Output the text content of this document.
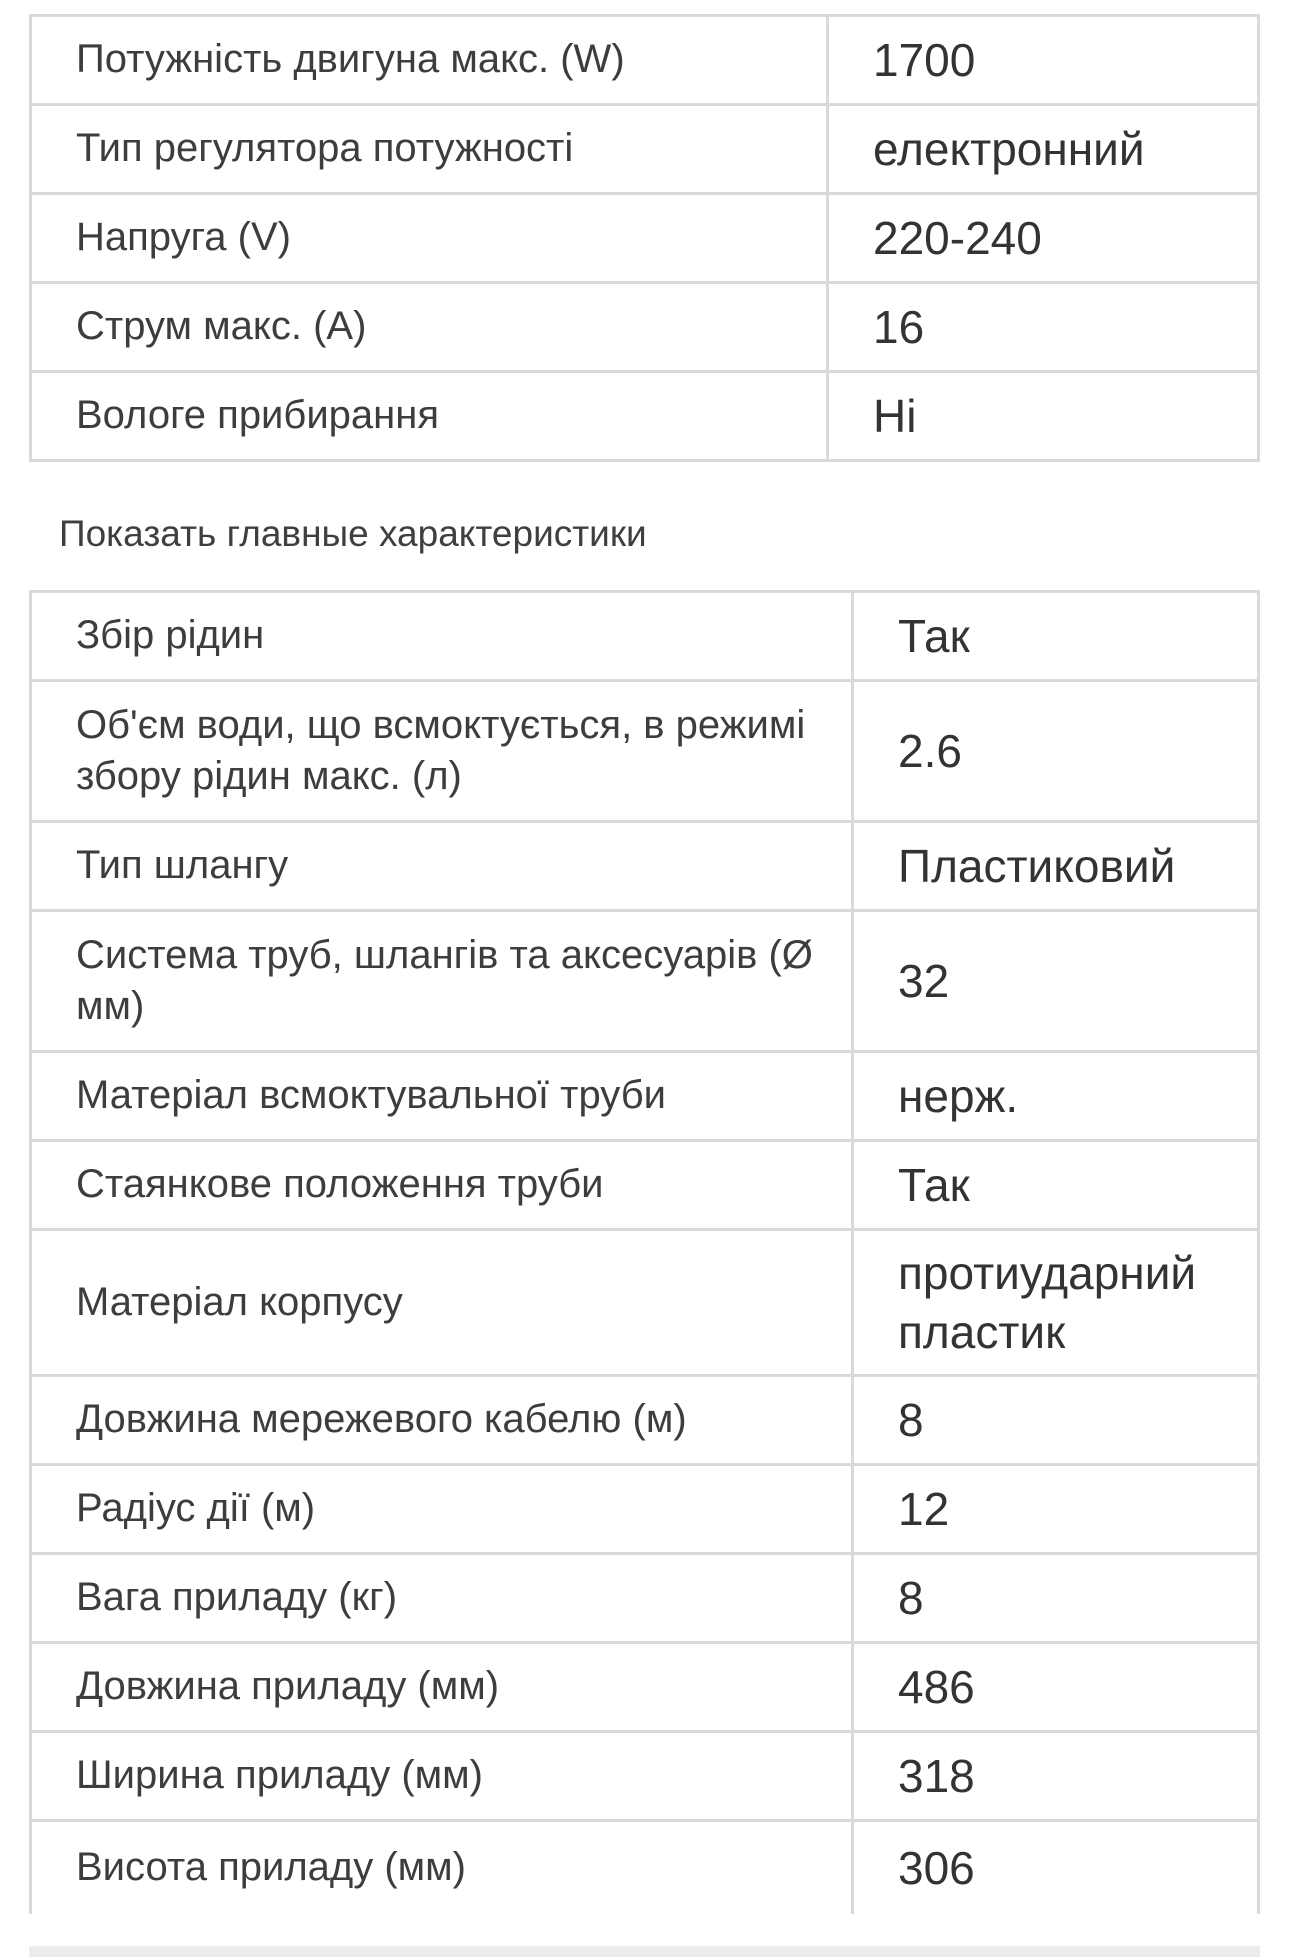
Потужність двигуна макс. (W)	1700
Тип регулятора потужності	електронний
Напруга (V)	220-240
Струм макс. (A)	16
Вологе прибирання	Ні
Показать главные характеристики
Збір рідин	Так
Об'єм води, що всмоктується, в режимі збору рідин макс. (л)	2.6
Тип шлангу	Пластиковий
Система труб, шлангів та аксесуарів (Ø мм)	32
Матеріал всмоктувальної труби	нерж.
Стаянкове положення труби	Так
Матеріал корпусу	протиударний пластик
Довжина мережевого кабелю (м)	8
Радіус дії (м)	12
Вага приладу (кг)	8
Довжина приладу (мм)	486
Ширина приладу (мм)	318
Висота приладу (мм)	306
